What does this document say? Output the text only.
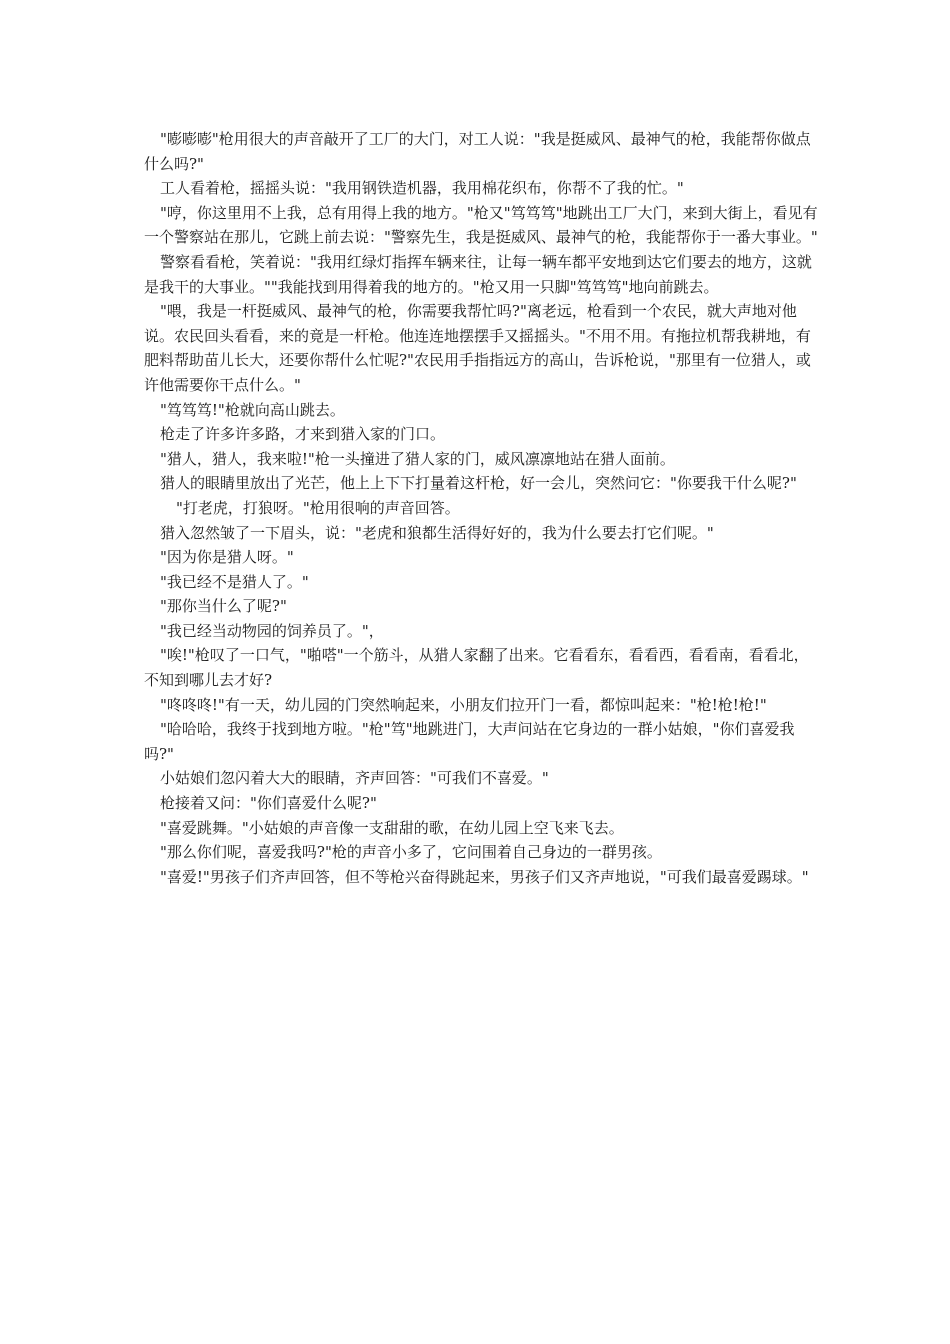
"嘭嘭嘭"枪用很大的声音敲开了工厂的大门，对工人说："我是挺威风、最神气的枪，我能帮你做点什么吗?"

工人看着枪，摇摇头说："我用钢铁造机器，我用棉花织布，你帮不了我的忙。"

"哼，你这里用不上我，总有用得上我的地方。"枪又"笃笃笃"地跳出工厂大门，来到大街上，看见有一个警察站在那儿，它跳上前去说："警察先生，我是挺威风、最神气的枪，我能帮你于一番大事业。"

警察看看枪，笑着说："我用红绿灯指挥车辆来往，让每一辆车都平安地到达它们要去的地方，这就是我干的大事业。""我能找到用得着我的地方的。"枪又用一只脚"笃笃笃"地向前跳去。

"喂，我是一杆挺威风、最神气的枪，你需要我帮忙吗?"离老远，枪看到一个农民，就大声地对他说。农民回头看看，来的竟是一杆枪。他连连地摆摆手又摇摇头。"不用不用。有拖拉机帮我耕地，有肥料帮助苗儿长大，还要你帮什么忙呢?"农民用手指指远方的高山，告诉枪说，"那里有一位猎人，或许他需要你干点什么。"

"笃笃笃!"枪就向高山跳去。

枪走了许多许多路，才来到猎入家的门口。

"猎人，猎人，我来啦!"枪一头撞进了猎人家的门，威风凛凛地站在猎人面前。

猎人的眼睛里放出了光芒，他上上下下打量着这杆枪，好一会儿，突然问它："你要我干什么呢?"

"打老虎，打狼呀。"枪用很响的声音回答。

猎入忽然皱了一下眉头，说："老虎和狼都生活得好好的，我为什么要去打它们呢。"

"因为你是猎人呀。"

"我已经不是猎人了。"

"那你当什么了呢?"

"我已经当动物园的饲养员了。"，

"唉!"枪叹了一口气，"啪嗒"一个筋斗，从猎人家翻了出来。它看看东，看看西，看看南，看看北，不知到哪儿去才好?

"咚咚咚!"有一天，幼儿园的门突然响起来，小朋友们拉开门一看，都惊叫起来："枪!枪!枪!"

"哈哈哈，我终于找到地方啦。"枪"笃"地跳进门，大声问站在它身边的一群小姑娘，"你们喜爱我吗?"

小姑娘们忽闪着大大的眼睛，齐声回答："可我们不喜爱。"

枪接着又问："你们喜爱什么呢?"

"喜爱跳舞。"小姑娘的声音像一支甜甜的歌，在幼儿园上空飞来飞去。

"那么你们呢，喜爱我吗?"枪的声音小多了，它问围着自己身边的一群男孩。

"喜爱!"男孩子们齐声回答，但不等枪兴奋得跳起来，男孩子们又齐声地说，"可我们最喜爱踢球。"
